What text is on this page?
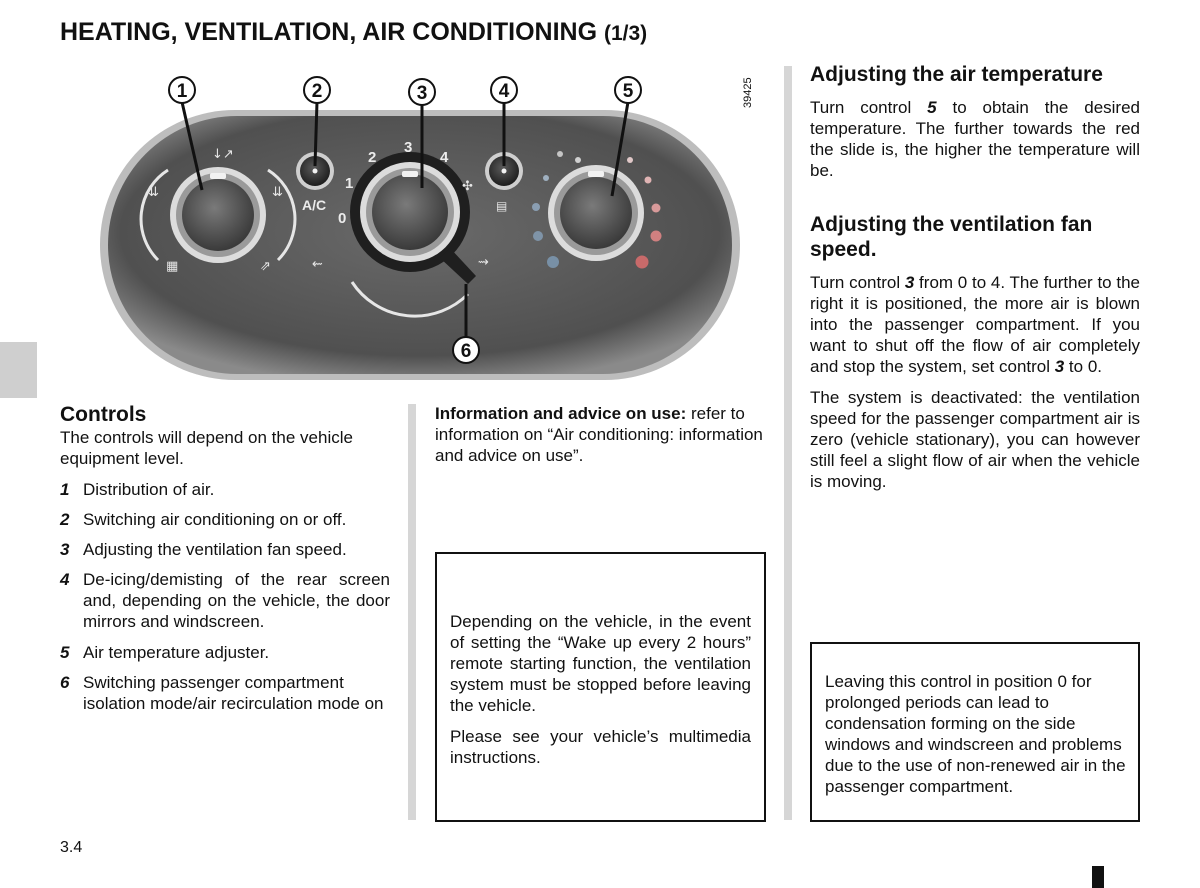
HEATING, VENTILATION, AIR CONDITIONING (1/3)
↓↗
⇊	⇊
⇗
▦
A/C
0
1
2
3
4
✣
⇜	⇝
▤
1	2	3	4	5
6
39425
Controls
The controls will depend on the vehicle equipment level.
1 Distribution of air.
2 Switching air conditioning on or off.
3 Adjusting the ventilation fan speed.
4 De-icing/demisting of the rear screen and, depending on the vehicle, the door mirrors and windscreen.
5 Air temperature adjuster.
6 Switching passenger compartment isolation mode/air recirculation mode on
Information and advice on use: refer to information on “Air conditioning: information and advice on use”.

Depending on the vehicle, in the event of setting the “Wake up every 2 hours” remote starting function, the ventilation system must be stopped before leaving the vehicle.

Please see your vehicle’s multimedia instructions.

Adjusting the air temperature
Turn control 5 to obtain the desired temperature. The further towards the red the slide is, the higher the temperature will be.
Adjusting the ventilation fan speed.

Turn control 3 from 0 to 4. The further to the right it is positioned, the more air is blown into the passenger compartment. If you want to shut off the flow of air completely and stop the system, set control 3 to 0.

The system is deactivated: the ventilation speed for the passenger compartment air is zero (vehicle stationary), you can however still feel a slight flow of air when the vehicle is moving.

Leaving this control in position 0 for prolonged periods can lead to condensation forming on the side windows and windscreen and problems due to the use of non-renewed air in the passenger compartment.
3.4
